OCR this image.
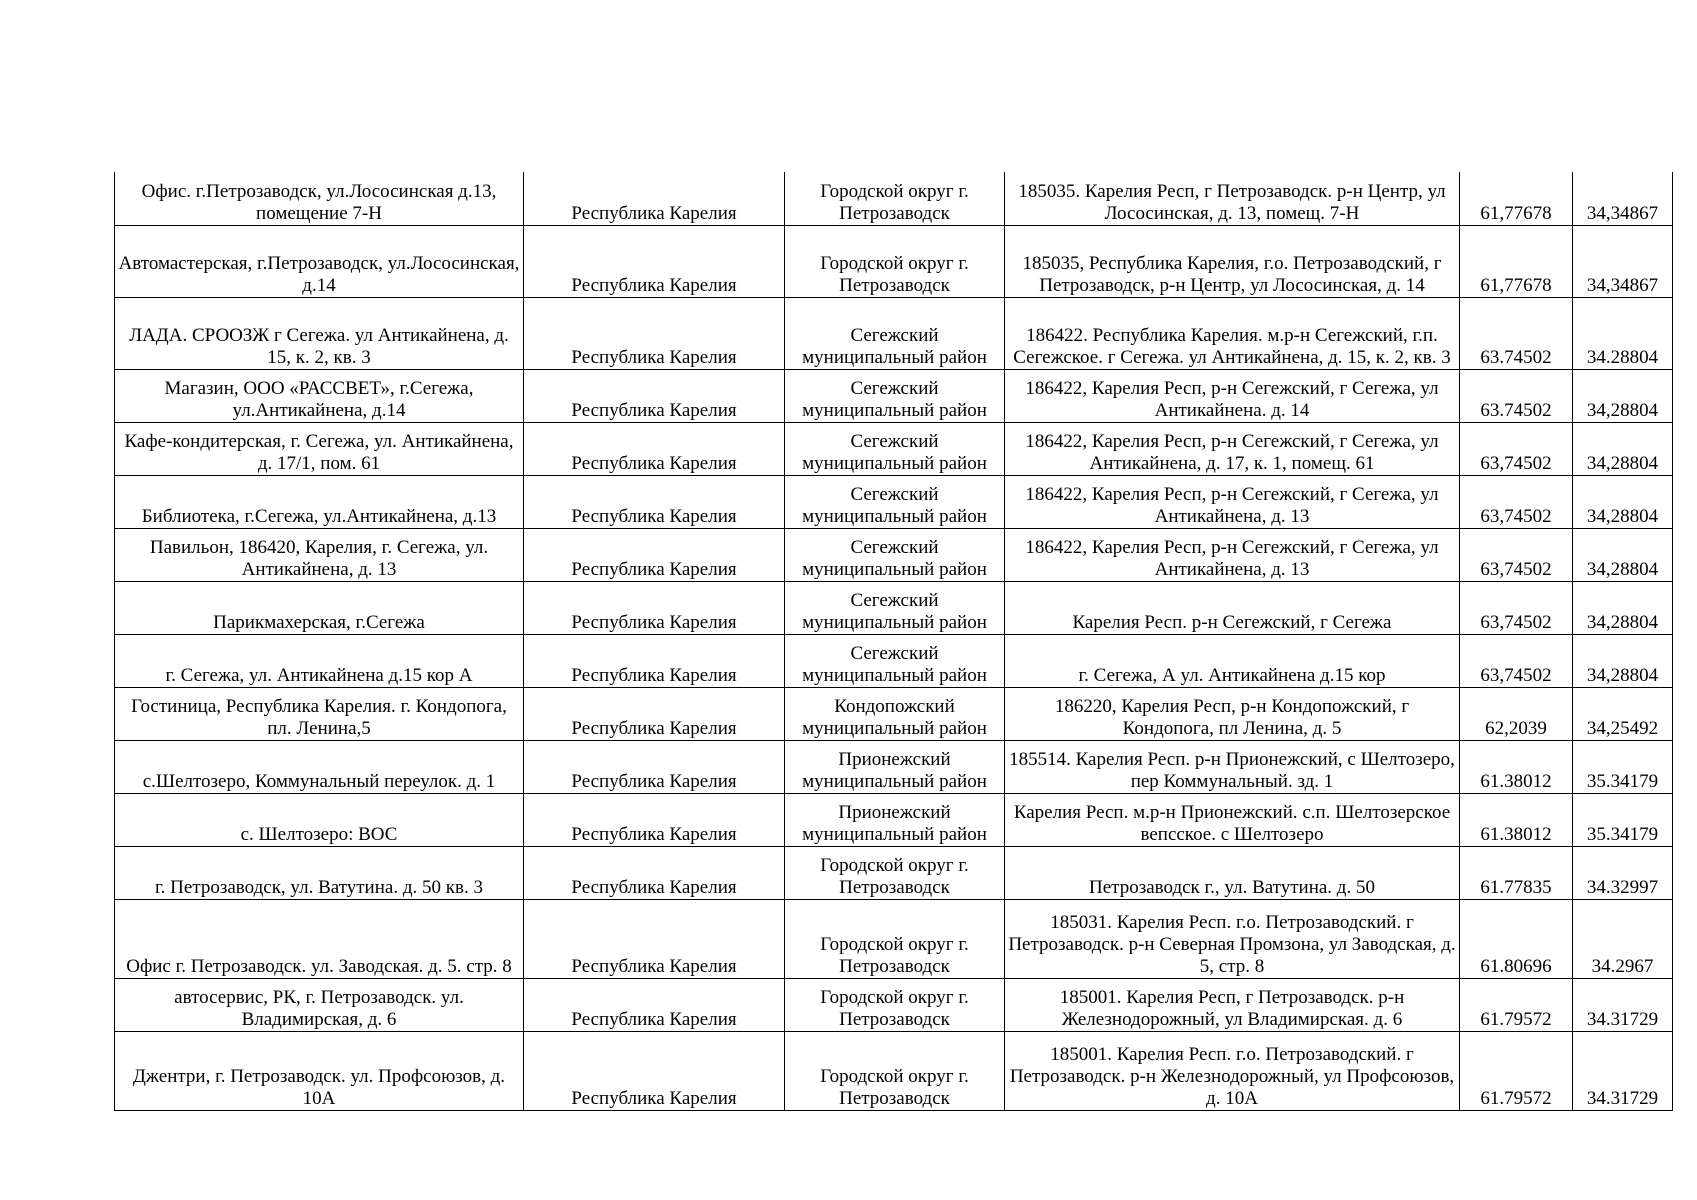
Офис. г.Петрозаводск, ул.Лососинская д.13, помещение 7-Н	Республика Карелия	Городской округ г. Петрозаводск	185035. Карелия Респ, г Петрозаводск. р-н Центр, ул Лососинская, д. 13, помещ. 7-Н	61,77678	34,34867
Автомастерская, г.Петрозаводск, ул.Лососинская, д.14	Республика Карелия	Городской округ г. Петрозаводск	185035, Республика Карелия, г.о. Петрозаводский, г Петрозаводск, р-н Центр, ул Лососинская, д. 14	61,77678	34,34867
ЛАДА. СРООЗЖ г Сегежа. ул Антикайнена, д. 15, к. 2, кв. 3	Республика Карелия	Сегежский муниципальный район	186422. Республика Карелия. м.р-н Сегежский, г.п. Сегежское. г Сегежа. ул Антикайнена, д. 15, к. 2, кв. 3	63.74502	34.28804
Магазин, ООО «РАССВЕТ», г.Сегежа, ул.Антикайнена, д.14	Республика Карелия	Сегежский муниципальный район	186422, Карелия Респ, р-н Сегежский, г Сегежа, ул Антикайнена. д. 14	63.74502	34,28804
Кафе-кондитерская, г. Сегежа, ул. Антикайнена, д. 17/1, пом. 61	Республика Карелия	Сегежский муниципальный район	186422, Карелия Респ, р-н Сегежский, г Сегежа, ул Антикайнена, д. 17, к. 1, помещ. 61	63,74502	34,28804
Библиотека, г.Сегежа, ул.Антикайнена, д.13	Республика Карелия	Сегежский муниципальный район	186422, Карелия Респ, р-н Сегежский, г Сегежа, ул Антикайнена, д. 13	63,74502	34,28804
Павильон, 186420, Карелия, г. Сегежа, ул. Антикайнена, д. 13	Республика Карелия	Сегежский муниципальный район	186422, Карелия Респ, р-н Сегежский, г Сегежа, ул Антикайнена, д. 13	63,74502	34,28804
Парикмахерская, г.Сегежа	Республика Карелия	Сегежский муниципальный район	Карелия Респ. р-н Сегежский, г Сегежа	63,74502	34,28804
г. Сегежа, ул. Антикайнена д.15 кор А	Республика Карелия	Сегежский муниципальный район	г. Сегежа, А ул. Антикайнена д.15 кор	63,74502	34,28804
Гостиница, Республика Карелия. г. Кондопога, пл. Ленина,5	Республика Карелия	Кондопожский муниципальный район	186220, Карелия Респ, р-н Кондопожский, г Кондопога, пл Ленина, д. 5	62,2039	34,25492
с.Шелтозеро, Коммунальный переулок. д. 1	Республика Карелия	Прионежский муниципальный район	185514. Карелия Респ. р-н Прионежский, с Шелтозеро, пер Коммунальный. зд. 1	61.38012	35.34179
с. Шелтозеро: ВОС	Республика Карелия	Прионежский муниципальный район	Карелия Респ. м.р-н Прионежский. с.п. Шелтозерское вепсское. с Шелтозеро	61.38012	35.34179
г. Петрозаводск, ул. Ватутина. д. 50 кв. 3	Республика Карелия	Городской округ г. Петрозаводск	Петрозаводск г., ул. Ватутина. д. 50	61.77835	34.32997
Офис г. Петрозаводск. ул. Заводская. д. 5. стр. 8	Республика Карелия	Городской округ г. Петрозаводск	185031. Карелия Респ. г.о. Петрозаводский. г Петрозаводск. р-н Северная Промзона, ул Заводская, д. 5, стр. 8	61.80696	34.2967
автосервис, РК, г. Петрозаводск. ул. Владимирская, д. 6	Республика Карелия	Городской округ г. Петрозаводск	185001. Карелия Респ, г Петрозаводск. р-н Железнодорожный, ул Владимирская. д. 6	61.79572	34.31729
Джентри, г. Петрозаводск. ул. Профсоюзов, д. 10А	Республика Карелия	Городской округ г. Петрозаводск	185001. Карелия Респ. г.о. Петрозаводский. г Петрозаводск. р-н Железнодорожный, ул Профсоюзов, д. 10А	61.79572	34.31729
